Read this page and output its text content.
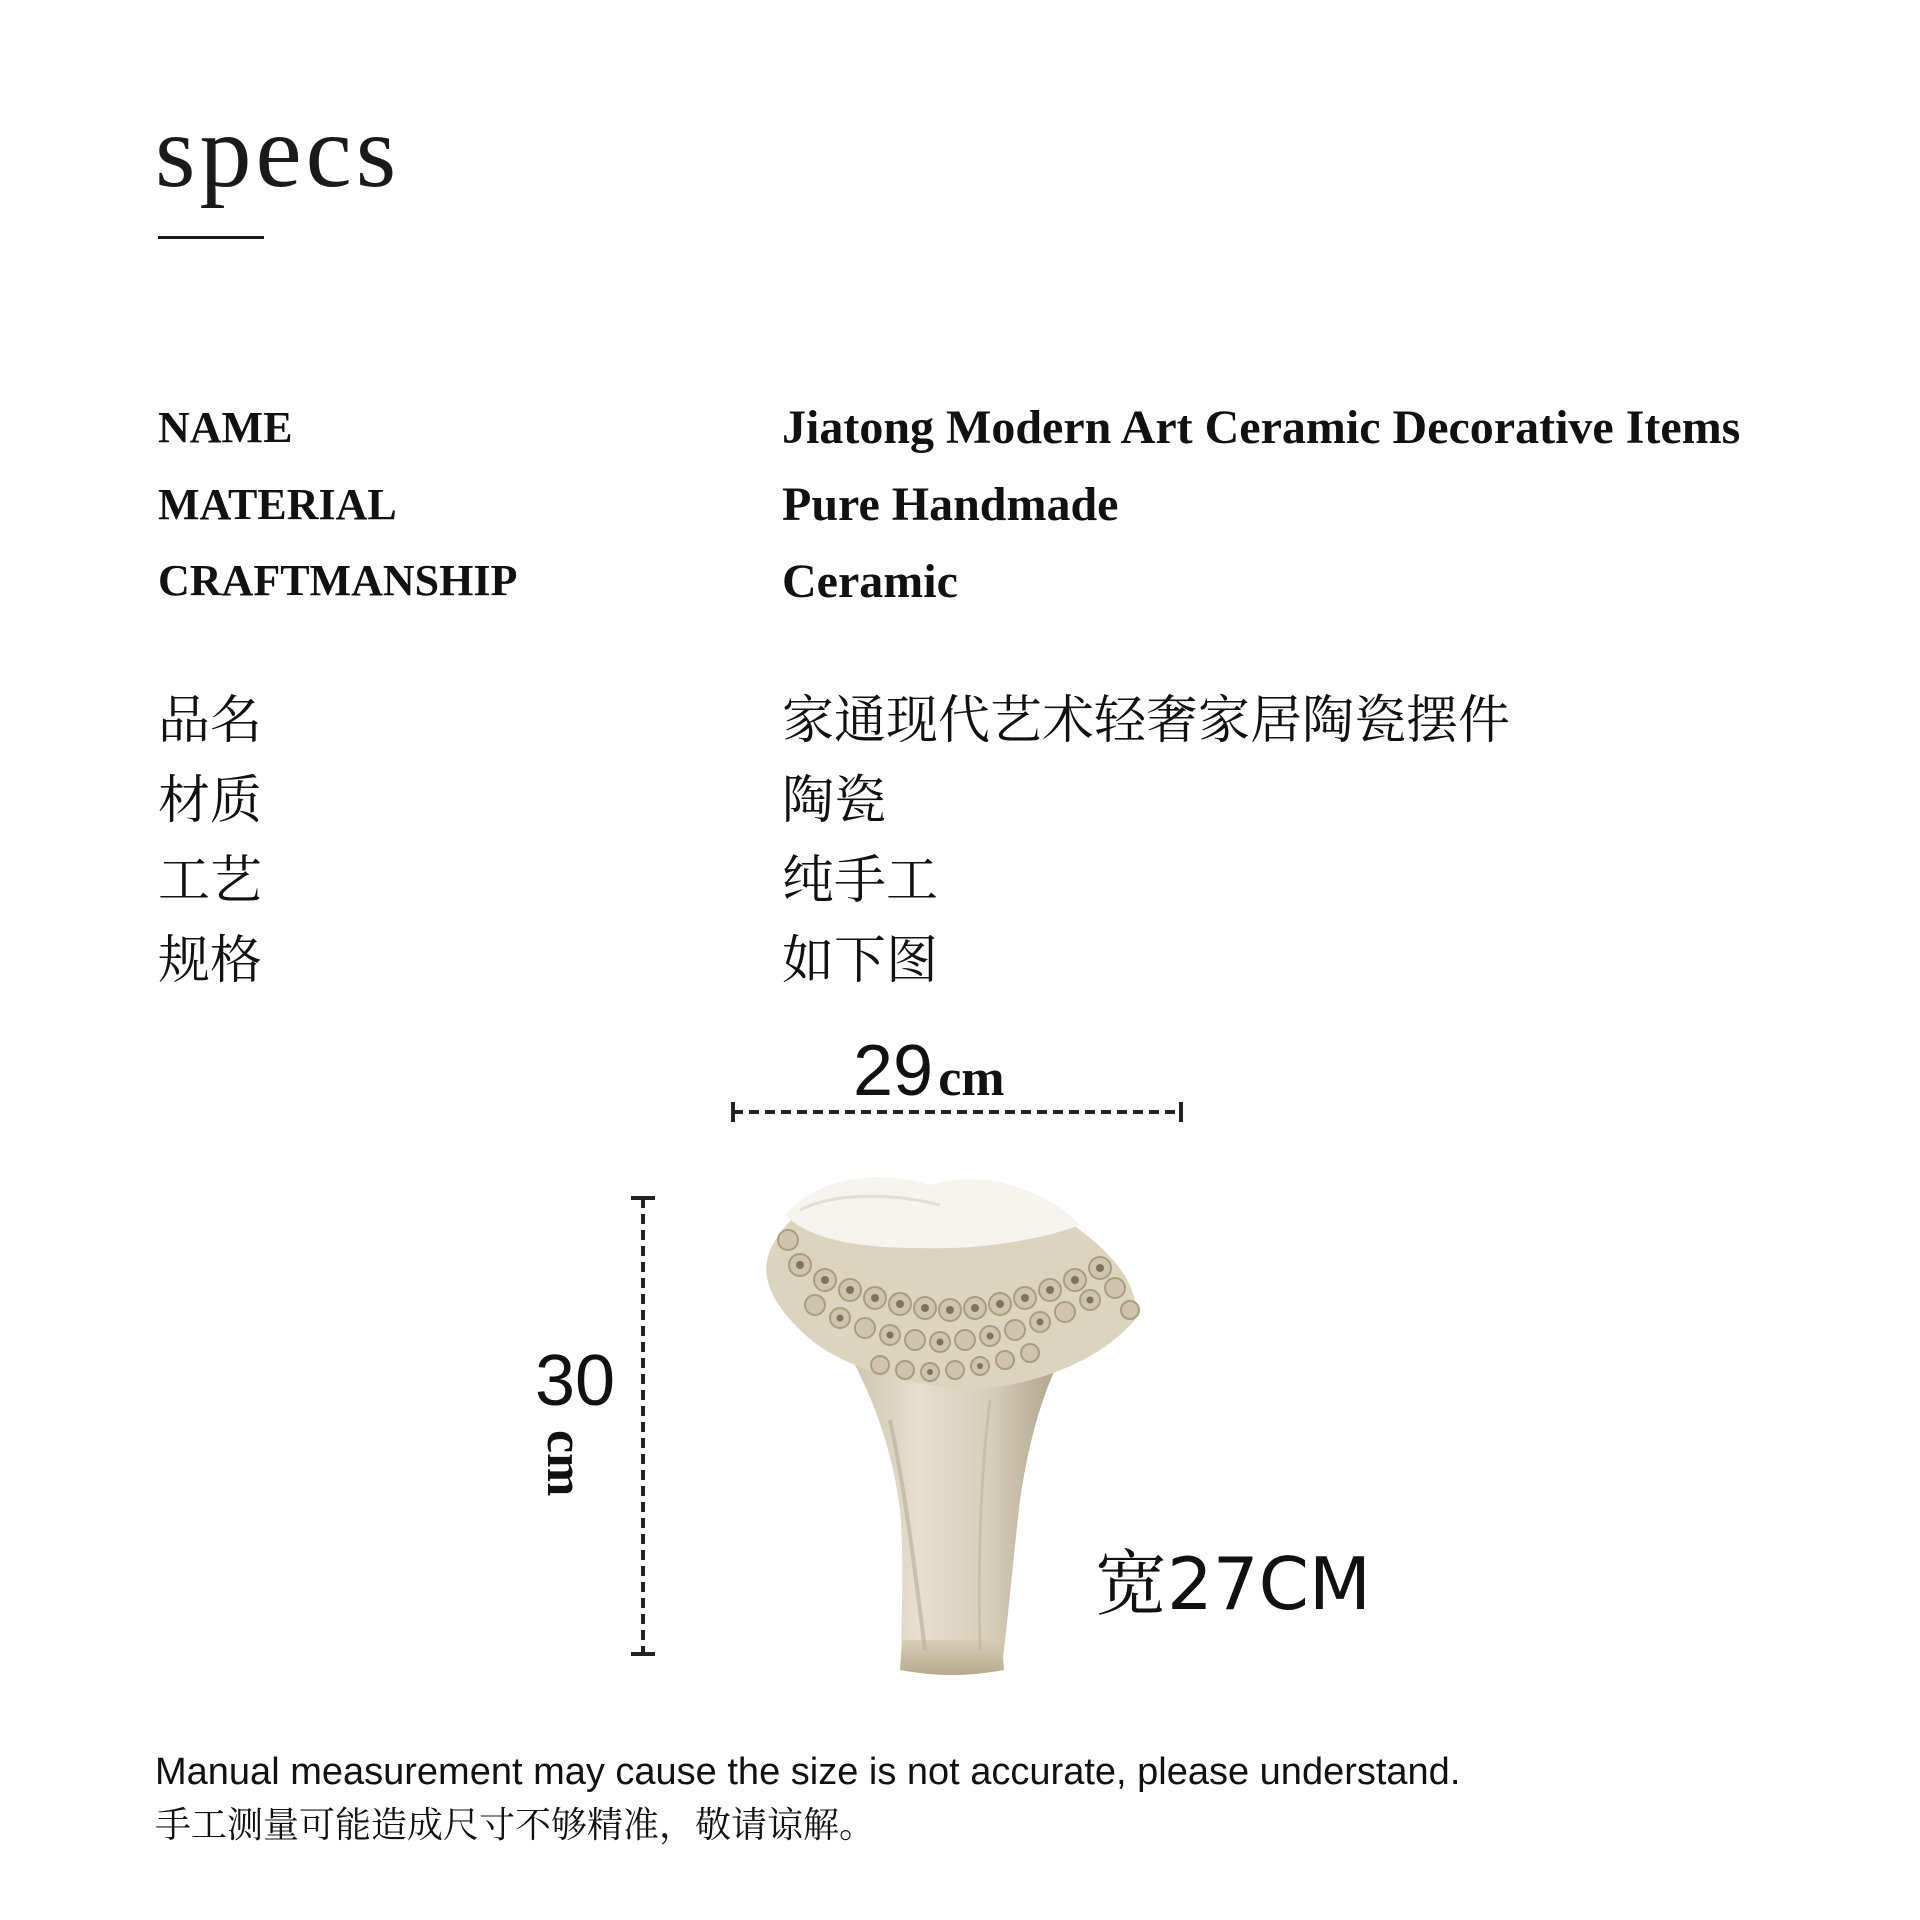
specs
NAME	Jiatong Modern Art Ceramic Decorative Items
MATERIAL	Pure Handmade
CRAFTMANSHIP	Ceramic
品名	家通现代艺术轻奢家居陶瓷摆件
材质	陶瓷
工艺	纯手工
规格	如下图
29 cm
30
cm
宽27CM
Manual measurement may cause the size is not accurate, please understand.
手工测量可能造成尺寸不够精准，敬请谅解。
